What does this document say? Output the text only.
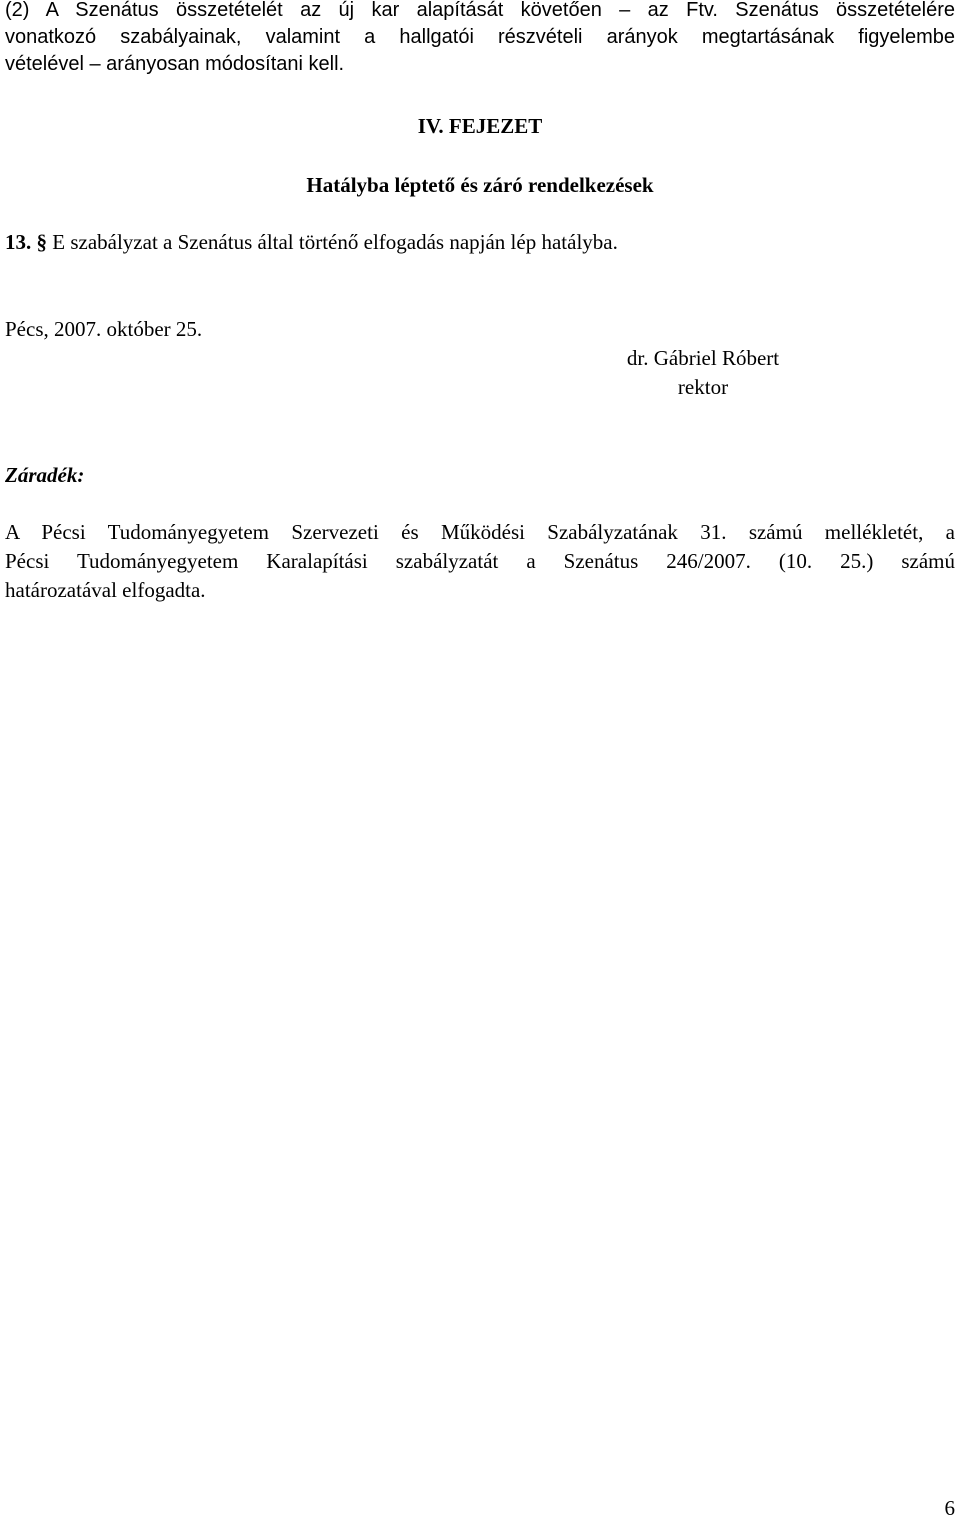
(2) A Szenátus összetételét az új kar alapítását követően – az Ftv. Szenátus összetételére
vonatkozó szabályainak, valamint a hallgatói részvételi arányok megtartásának figyelembe
vételével – arányosan módosítani kell.
IV. FEJEZET
Hatályba léptető és záró rendelkezések
13. § E szabályzat a Szenátus által történő elfogadás napján lép hatályba.
Pécs, 2007. október 25.
dr. Gábriel Róbert
rektor
Záradék:
A Pécsi Tudományegyetem Szervezeti és Működési Szabályzatának 31. számú mellékletét, a
Pécsi Tudományegyetem Karalapítási szabályzatát a Szenátus 246/2007. (10. 25.) számú
határozatával elfogadta.
6
